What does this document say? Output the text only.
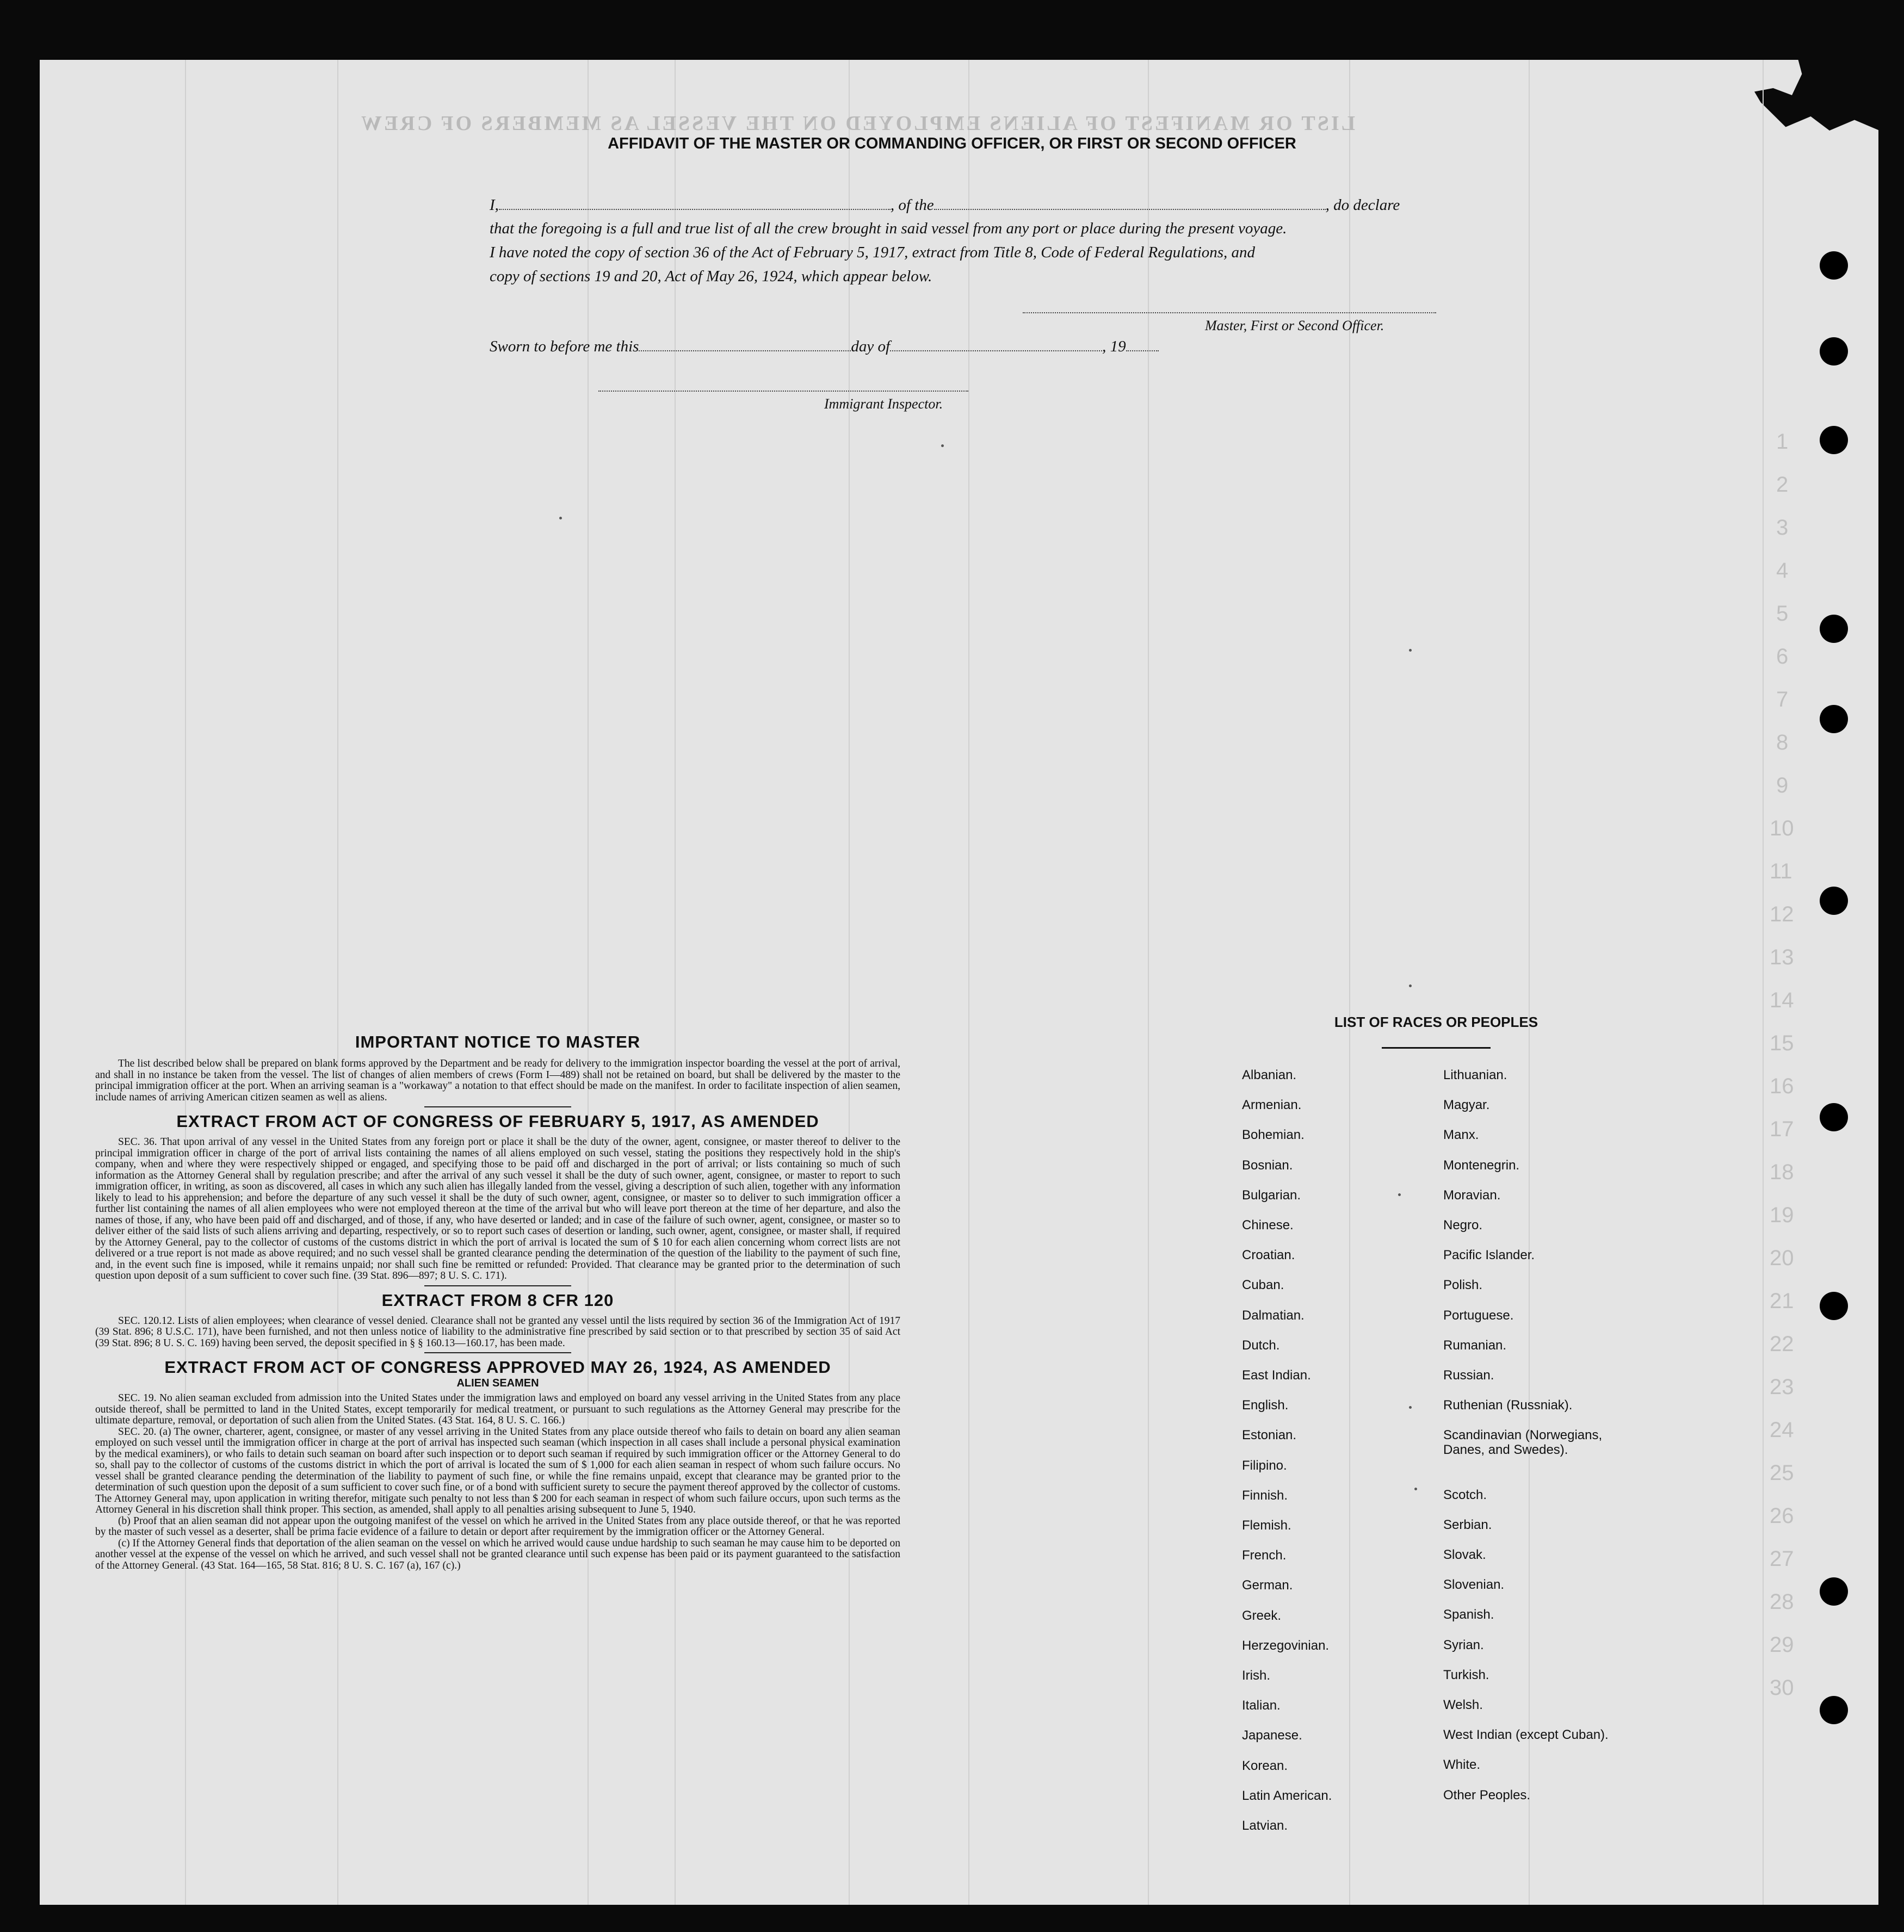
LIST OR MANIFEST OF ALIENS EMPLOYED ON THE VESSEL AS MEMBERS OF CREW
AFFIDAVIT OF THE MASTER OR COMMANDING OFFICER, OR FIRST OR SECOND OFFICER
I,	, of the	, do declare
that the foregoing is a full and true list of all the crew brought in said vessel from any port or place during the present voyage.
I have noted the copy of section 36 of the Act of February 5, 1917, extract from Title 8, Code of Federal Regulations, and
copy of sections 19 and 20, Act of May 26, 1924, which appear below.
Master, First or Second Officer.
Sworn to before me this	day of	, 19
Immigrant Inspector.
1
2
3
4
5
6
7
8
9
10
11
12
13
14
15
16
17
18
19
20
21
22
23
24
25
26
27
28
29
30
IMPORTANT NOTICE TO MASTER

The list described below shall be prepared on blank forms approved by the Department and be ready for delivery to the immigration inspector boarding the vessel at the port of arrival, and shall in no instance be taken from the vessel. The list of changes of alien members of crews (Form I—489) shall not be retained on board, but shall be delivered by the master to the principal immigration officer at the port. When an arriving seaman is a "workaway" a notation to that effect should be made on the manifest. In order to facilitate inspection of alien seamen, include names of arriving American citizen seamen as well as aliens.

EXTRACT FROM ACT OF CONGRESS OF FEBRUARY 5, 1917, AS AMENDED

SEC. 36. That upon arrival of any vessel in the United States from any foreign port or place it shall be the duty of the owner, agent, consignee, or master thereof to deliver to the principal immigration officer in charge of the port of arrival lists containing the names of all aliens employed on such vessel, stating the positions they respectively hold in the ship's company, when and where they were respectively shipped or engaged, and specifying those to be paid off and discharged in the port of arrival; or lists containing so much of such information as the Attorney General shall by regulation prescribe; and after the arrival of any such vessel it shall be the duty of such owner, agent, consignee, or master to report to such immigration officer, in writing, as soon as discovered, all cases in which any such alien has illegally landed from the vessel, giving a description of such alien, together with any information likely to lead to his apprehension; and before the departure of any such vessel it shall be the duty of such owner, agent, consignee, or master so to deliver to such immigration officer a further list containing the names of all alien employees who were not employed thereon at the time of the arrival but who will leave port thereon at the time of her departure, and also the names of those, if any, who have been paid off and discharged, and of those, if any, who have deserted or landed; and in case of the failure of such owner, agent, consignee, or master so to deliver either of the said lists of such aliens arriving and departing, respectively, or so to report such cases of desertion or landing, such owner, agent, consignee, or master shall, if required by the Attorney General, pay to the collector of customs of the customs district in which the port of arrival is located the sum of $ 10 for each alien concerning whom correct lists are not delivered or a true report is not made as above required; and no such vessel shall be granted clearance pending the determination of the question of the liability to the payment of such fine, and, in the event such fine is imposed, while it remains unpaid; nor shall such fine be remitted or refunded: Provided. That clearance may be granted prior to the determination of such question upon deposit of a sum sufficient to cover such fine. (39 Stat. 896—897; 8 U. S. C. 171).

EXTRACT FROM 8 CFR 120

SEC. 120.12. Lists of alien employees; when clearance of vessel denied. Clearance shall not be granted any vessel until the lists required by section 36 of the Immigration Act of 1917 (39 Stat. 896; 8 U.S.C. 171), have been furnished, and not then unless notice of liability to the administrative fine prescribed by said section or to that prescribed by section 35 of said Act (39 Stat. 896; 8 U. S. C. 169) having been served, the deposit specified in § § 160.13—160.17, has been made.

EXTRACT FROM ACT OF CONGRESS APPROVED MAY 26, 1924, AS AMENDED
ALIEN SEAMEN

SEC. 19. No alien seaman excluded from admission into the United States under the immigration laws and employed on board any vessel arriving in the United States from any place outside thereof, shall be permitted to land in the United States, except temporarily for medical treatment, or pursuant to such regulations as the Attorney General may prescribe for the ultimate departure, removal, or deportation of such alien from the United States. (43 Stat. 164, 8 U. S. C. 166.)

SEC. 20. (a) The owner, charterer, agent, consignee, or master of any vessel arriving in the United States from any place outside thereof who fails to detain on board any alien seaman employed on such vessel until the immigration officer in charge at the port of arrival has inspected such seaman (which inspection in all cases shall include a personal physical examination by the medical examiners), or who fails to detain such seaman on board after such inspection or to deport such seaman if required by such immigration officer or the Attorney General to do so, shall pay to the collector of customs of the customs district in which the port of arrival is located the sum of $ 1,000 for each alien seaman in respect of whom such failure occurs. No vessel shall be granted clearance pending the determination of the liability to payment of such fine, or while the fine remains unpaid, except that clearance may be granted prior to the determination of such question upon the deposit of a sum sufficient to cover such fine, or of a bond with sufficient surety to secure the payment thereof approved by the collector of customs. The Attorney General may, upon application in writing therefor, mitigate such penalty to not less than $ 200 for each seaman in respect of whom such failure occurs, upon such terms as the Attorney General in his discretion shall think proper. This section, as amended, shall apply to all penalties arising subsequent to June 5, 1940.

(b) Proof that an alien seaman did not appear upon the outgoing manifest of the vessel on which he arrived in the United States from any place outside thereof, or that he was reported by the master of such vessel as a deserter, shall be prima facie evidence of a failure to detain or deport after requirement by the immigration officer or the Attorney General.

(c) If the Attorney General finds that deportation of the alien seaman on the vessel on which he arrived would cause undue hardship to such seaman he may cause him to be deported on another vessel at the expense of the vessel on which he arrived, and such vessel shall not be granted clearance until such expense has been paid or its payment guaranteed to the satisfaction of the Attorney General. (43 Stat. 164—165, 58 Stat. 816; 8 U. S. C. 167 (a), 167 (c).)

LIST OF RACES OR PEOPLES
Albanian.
Armenian.
Bohemian.
Bosnian.
Bulgarian.
Chinese.
Croatian.
Cuban.
Dalmatian.
Dutch.
East Indian.
English.
Estonian.
Filipino.
Finnish.
Flemish.
French.
German.
Greek.
Herzegovinian.
Irish.
Italian.
Japanese.
Korean.
Latin American.
Latvian.
Lithuanian.
Magyar.
Manx.
Montenegrin.
Moravian.
Negro.
Pacific Islander.
Polish.
Portuguese.
Rumanian.
Russian.
Ruthenian (Russniak).
Scandinavian (Norwegians,
Danes, and Swedes).
Scotch.
Serbian.
Slovak.
Slovenian.
Spanish.
Syrian.
Turkish.
Welsh.
West Indian (except Cuban).
White.
Other Peoples.
